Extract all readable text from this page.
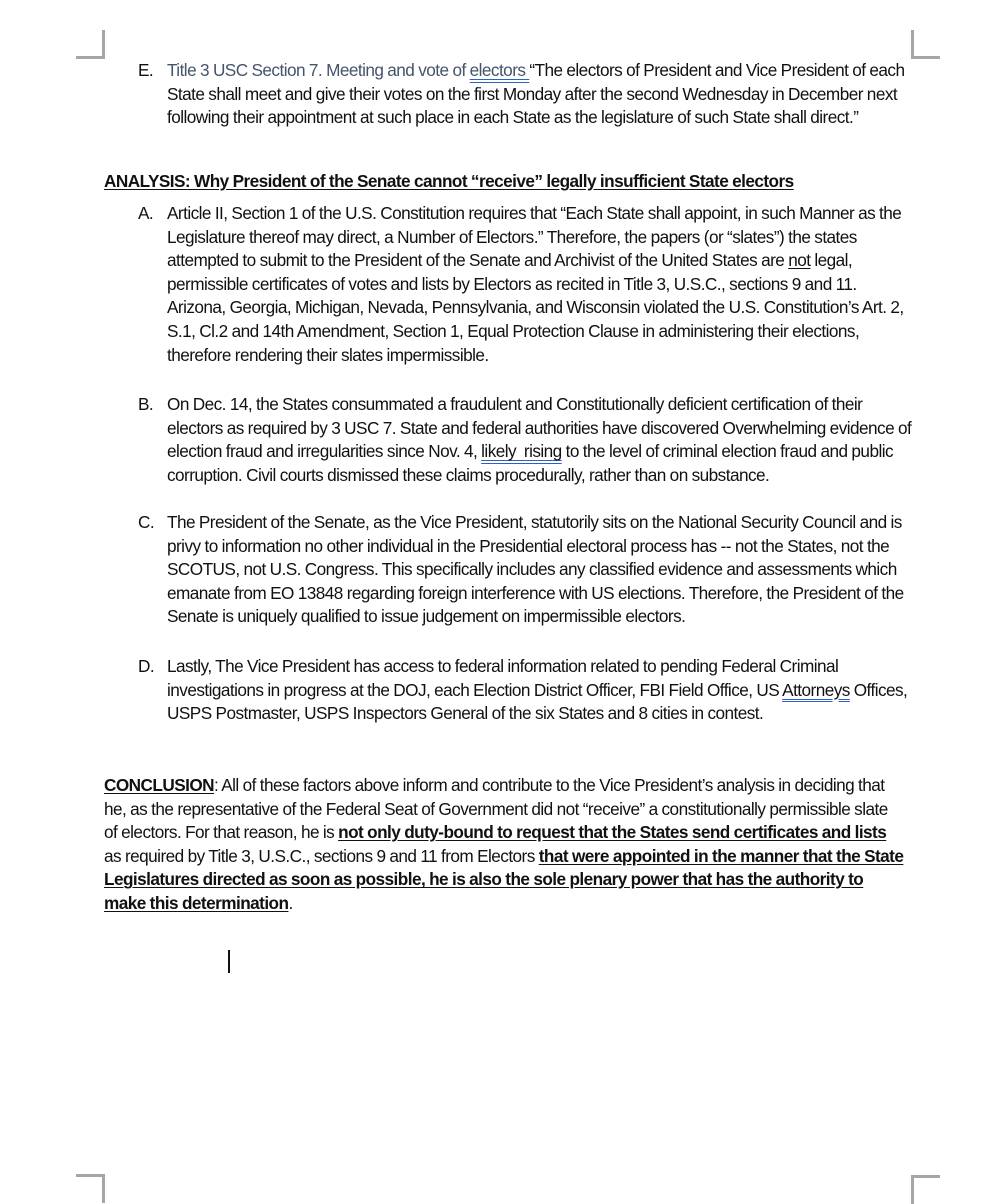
E. Title 3 USC Section 7. Meeting and vote of electors “The electors of President and Vice President of each State shall meet and give their votes on the first Monday after the second Wednesday in December next following their appointment at such place in each State as the legislature of such State shall direct.”
ANALYSIS: Why President of the Senate cannot “receive” legally insufficient State electors
A. Article II, Section 1 of the U.S. Constitution requires that “Each State shall appoint, in such Manner as the Legislature thereof may direct, a Number of Electors.” Therefore, the papers (or “slates”) the states attempted to submit to the President of the Senate and Archivist of the United States are not legal, permissible certificates of votes and lists by Electors as recited in Title 3, U.S.C., sections 9 and 11. Arizona, Georgia, Michigan, Nevada, Pennsylvania, and Wisconsin violated the U.S. Constitution’s Art. 2, S.1, Cl.2 and 14th Amendment, Section 1, Equal Protection Clause in administering their elections, therefore rendering their slates impermissible.
B. On Dec. 14, the States consummated a fraudulent and Constitutionally deficient certification of their electors as required by 3 USC 7. State and federal authorities have discovered Overwhelming evidence of election fraud and irregularities since Nov. 4, likely  rising to the level of criminal election fraud and public corruption. Civil courts dismissed these claims procedurally, rather than on substance.
C. The President of the Senate, as the Vice President, statutorily sits on the National Security Council and is privy to information no other individual in the Presidential electoral process has -- not the States, not the SCOTUS, not U.S. Congress. This specifically includes any classified evidence and assessments which emanate from EO 13848 regarding foreign interference with US elections. Therefore, the President of the Senate is uniquely qualified to issue judgement on impermissible electors.
D. Lastly, The Vice President has access to federal information related to pending Federal Criminal investigations in progress at the DOJ, each Election District Officer, FBI Field Office, US Attorneys Offices, USPS Postmaster, USPS Inspectors General of the six States and 8 cities in contest.
CONCLUSION: All of these factors above inform and contribute to the Vice President’s analysis in deciding that he, as the representative of the Federal Seat of Government did not “receive” a constitutionally permissible slate of electors. For that reason, he is not only duty-bound to request that the States send certificates and lists as required by Title 3, U.S.C., sections 9 and 11 from Electors that were appointed in the manner that the State Legislatures directed as soon as possible, he is also the sole plenary power that has the authority to make this determination.
